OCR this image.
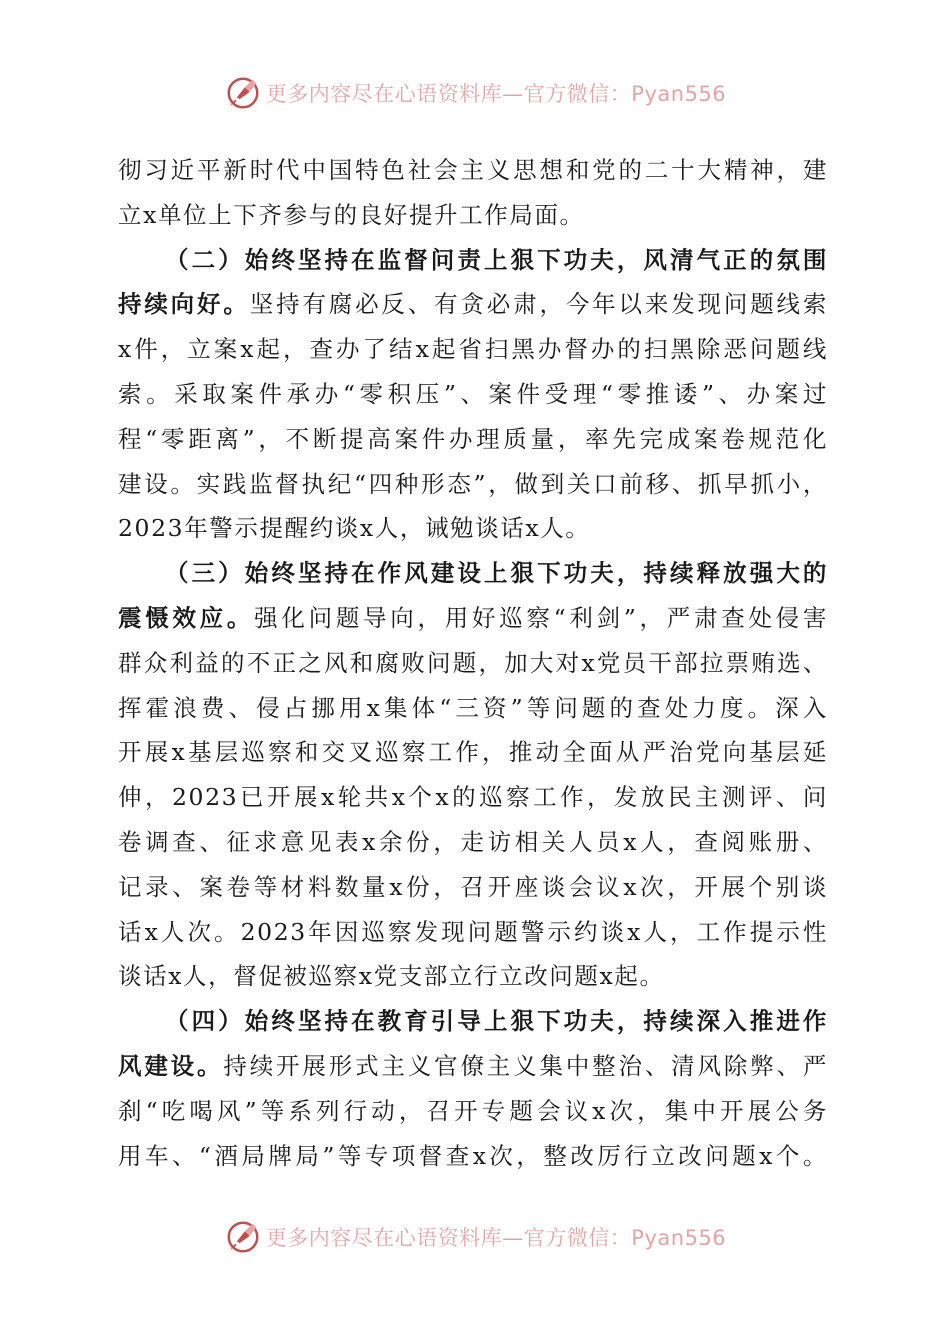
更多内容尽在心语资料库—官方微信：Pyan556
彻习近平新时代中国特色社会主义思想和党的二十大精神，建
立x单位上下齐参与的良好提升工作局面。
（二）始终坚持在监督问责上狠下功夫，风清气正的氛围
持续向好。坚持有腐必反、有贪必肃，今年以来发现问题线索
x件，立案x起，查办了结x起省扫黑办督办的扫黑除恶问题线
索。采取案件承办“零积压”、案件受理“零推诿”、办案过
程“零距离”，不断提高案件办理质量，率先完成案卷规范化
建设。实践监督执纪“四种形态”，做到关口前移、抓早抓小，
2023年警示提醒约谈x人，诫勉谈话x人。
（三）始终坚持在作风建设上狠下功夫，持续释放强大的
震慑效应。强化问题导向，用好巡察“利剑”，严肃查处侵害
群众利益的不正之风和腐败问题，加大对x党员干部拉票贿选、
挥霍浪费、侵占挪用x集体“三资”等问题的查处力度。深入
开展x基层巡察和交叉巡察工作，推动全面从严治党向基层延
伸，2023已开展x轮共x个x的巡察工作，发放民主测评、问
卷调查、征求意见表x余份，走访相关人员x人，查阅账册、
记录、案卷等材料数量x份，召开座谈会议x次，开展个别谈
话x人次。2023年因巡察发现问题警示约谈x人，工作提示性
谈话x人，督促被巡察x党支部立行立改问题x起。
（四）始终坚持在教育引导上狠下功夫，持续深入推进作
风建设。持续开展形式主义官僚主义集中整治、清风除弊、严
刹“吃喝风”等系列行动，召开专题会议x次，集中开展公务
用车、“酒局牌局”等专项督查x次，整改厉行立改问题x个。
更多内容尽在心语资料库—官方微信：Pyan556
